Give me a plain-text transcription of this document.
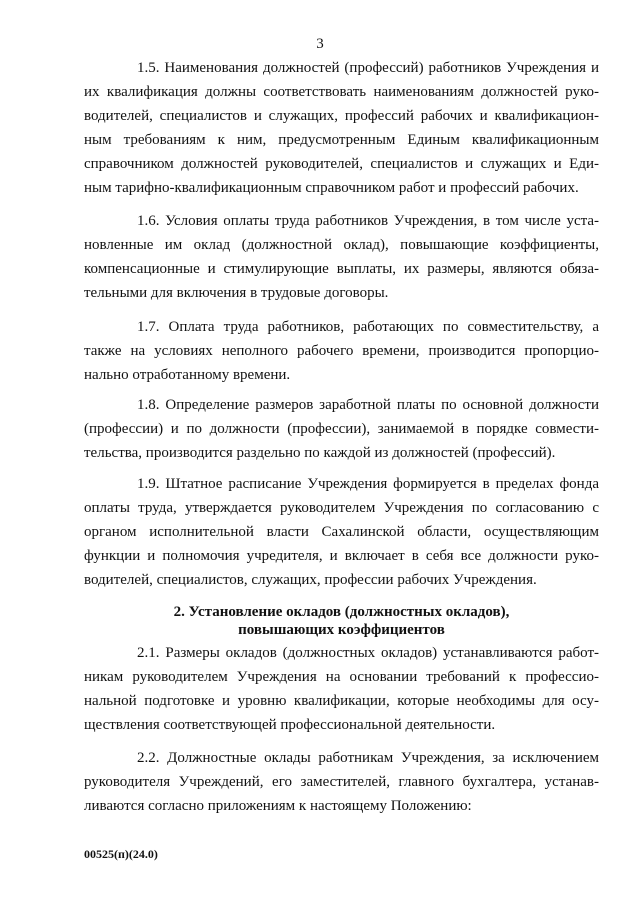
3
1.5. Наименования должностей (профессий) работников Учреждения и
их квалификация должны соответствовать наименованиям должностей руко-
водителей, специалистов и служащих, профессий рабочих и квалификацион-
ным требованиям к ним, предусмотренным Единым квалификационным
справочником должностей руководителей, специалистов и служащих и Еди-
ным тарифно-квалификационным справочником работ и профессий рабочих.
1.6. Условия оплаты труда работников Учреждения, в том числе уста-
новленные им оклад (должностной оклад), повышающие коэффициенты,
компенсационные и стимулирующие выплаты, их размеры, являются обяза-
тельными для включения в трудовые договоры.
1.7. Оплата труда работников, работающих по совместительству, а
также на условиях неполного рабочего времени, производится пропорцио-
нально отработанному времени.
1.8. Определение размеров заработной платы по основной должности
(профессии) и по должности (профессии), занимаемой в порядке совмести-
тельства, производится раздельно по каждой из должностей (профессий).
1.9. Штатное расписание Учреждения формируется в пределах фонда
оплаты труда, утверждается руководителем Учреждения по согласованию с
органом исполнительной власти Сахалинской области, осуществляющим
функции и полномочия учредителя, и включает в себя все должности руко-
водителей, специалистов, служащих, профессии рабочих Учреждения.
2. Установление окладов (должностных окладов),
повышающих коэффициентов
2.1. Размеры окладов (должностных окладов) устанавливаются работ-
никам руководителем Учреждения на основании требований к профессио-
нальной подготовке и уровню квалификации, которые необходимы для осу-
ществления соответствующей профессиональной деятельности.
2.2. Должностные оклады работникам Учреждения, за исключением
руководителя Учреждений, его заместителей, главного бухгалтера, устанав-
ливаются согласно приложениям к настоящему Положению:
00525(п)(24.0)
